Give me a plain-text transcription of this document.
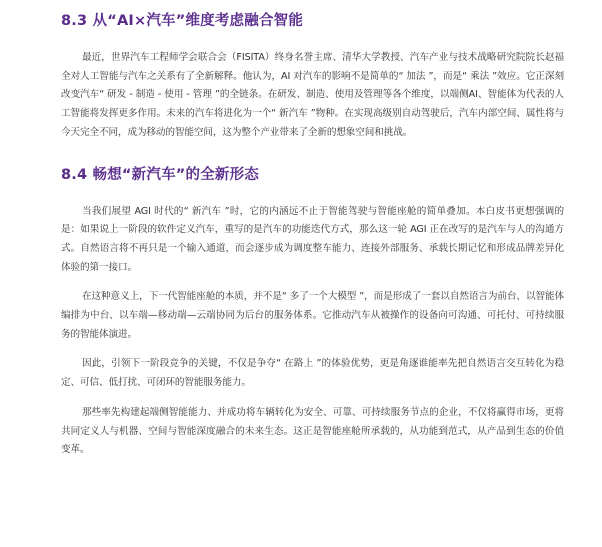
8.3 从“AI×汽车”维度考虑融合智能

最近，世界汽车工程师学会联合会（FISITA）终身名誉主席、清华大学教授、汽车产业与技术战略研究院院长赵福全对人工智能与汽车之关系有了全新解释。他认为，AI 对汽车的影响不是简单的“ 加法 ”，而是“ 乘法 ”效应。它正深刻改变汽车“ 研发 - 制造 - 使用 - 管理 ”的全链条。在研发、制造、使用及管理等各个维度，以端侧AI、智能体为代表的人工智能将发挥更多作用。未来的汽车将进化为一个“ 新汽车 ”物种。在实现高级别自动驾驶后，汽车内部空间、属性将与今天完全不同，成为移动的智能空间，这为整个产业带来了全新的想象空间和挑战。

8.4 畅想“新汽车”的全新形态

当我们展望 AGI 时代的“ 新汽车 ”时，它的内涵远不止于智能驾驶与智能座舱的简单叠加。本白皮书更想强调的是：如果说上一阶段的软件定义汽车，重写的是汽车的功能迭代方式，那么这一轮 AGI 正在改写的是汽车与人的沟通方式。自然语言将不再只是一个输入通道，而会逐步成为调度整车能力、连接外部服务、承载长期记忆和形成品牌差异化体验的第一接口。

在这种意义上，下一代智能座舱的本质，并不是“ 多了一个大模型 ”，而是形成了一套以自然语言为前台、以智能体编排为中台、以车端—移动端—云端协同为后台的服务体系。它推动汽车从被操作的设备向可沟通、可托付、可持续服务的智能体演进。

因此，引领下一阶段竞争的关键，不仅是争夺“ 在路上 ”的体验优势，更是角逐谁能率先把自然语言交互转化为稳定、可信、低打扰、可闭环的智能服务能力。

那些率先构建起端侧智能能力、并成功将车辆转化为安全、可靠、可持续服务节点的企业，不仅将赢得市场，更将共同定义人与机器、空间与智能深度融合的未来生态。这正是智能座舱所承载的，从功能到范式，从产品到生态的价值变革。
